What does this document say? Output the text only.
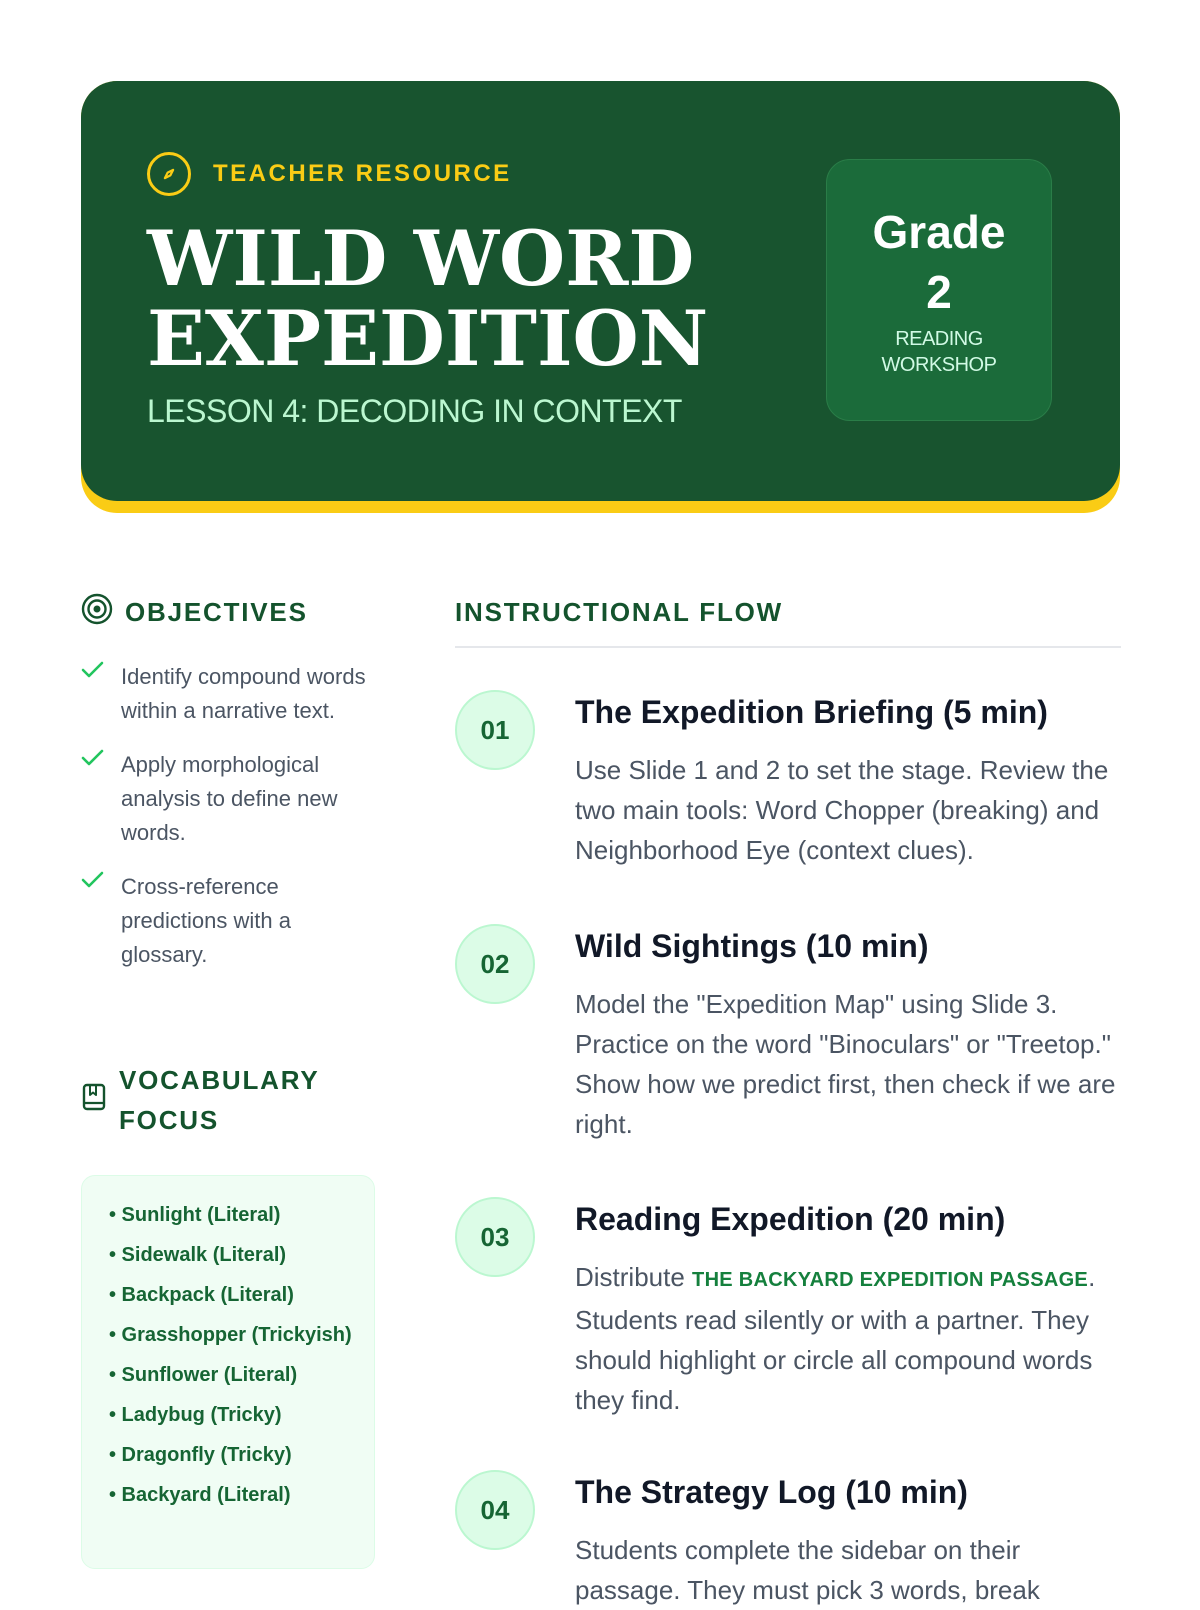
TEACHER RESOURCE
WILD WORD
EXPEDITION
LESSON 4: DECODING IN CONTEXT
Grade
2
READING
WORKSHOP
OBJECTIVES
Identify compound words within a narrative text.
Apply morphological analysis to define new words.
Cross-reference predictions with a glossary.
VOCABULARY
FOCUS
• Sunlight (Literal)
• Sidewalk (Literal)
• Backpack (Literal)
• Grasshopper (Trickyish)
• Sunflower (Literal)
• Ladybug (Tricky)
• Dragonfly (Tricky)
• Backyard (Literal)
INSTRUCTIONAL FLOW
01	The Expedition Briefing (5 min)
Use Slide 1 and 2 to set the stage. Review the two main tools: Word Chopper (breaking) and Neighborhood Eye (context clues).
02	Wild Sightings (10 min)
Model the "Expedition Map" using Slide 3. Practice on the word "Binoculars" or "Treetop." Show how we predict first, then check if we are right.
03	Reading Expedition (20 min)
Distribute THE BACKYARD EXPEDITION PASSAGE. Students read silently or with a partner. They should highlight or circle all compound words they find.
04	The Strategy Log (10 min)
Students complete the sidebar on their passage. They must pick 3 words, break
